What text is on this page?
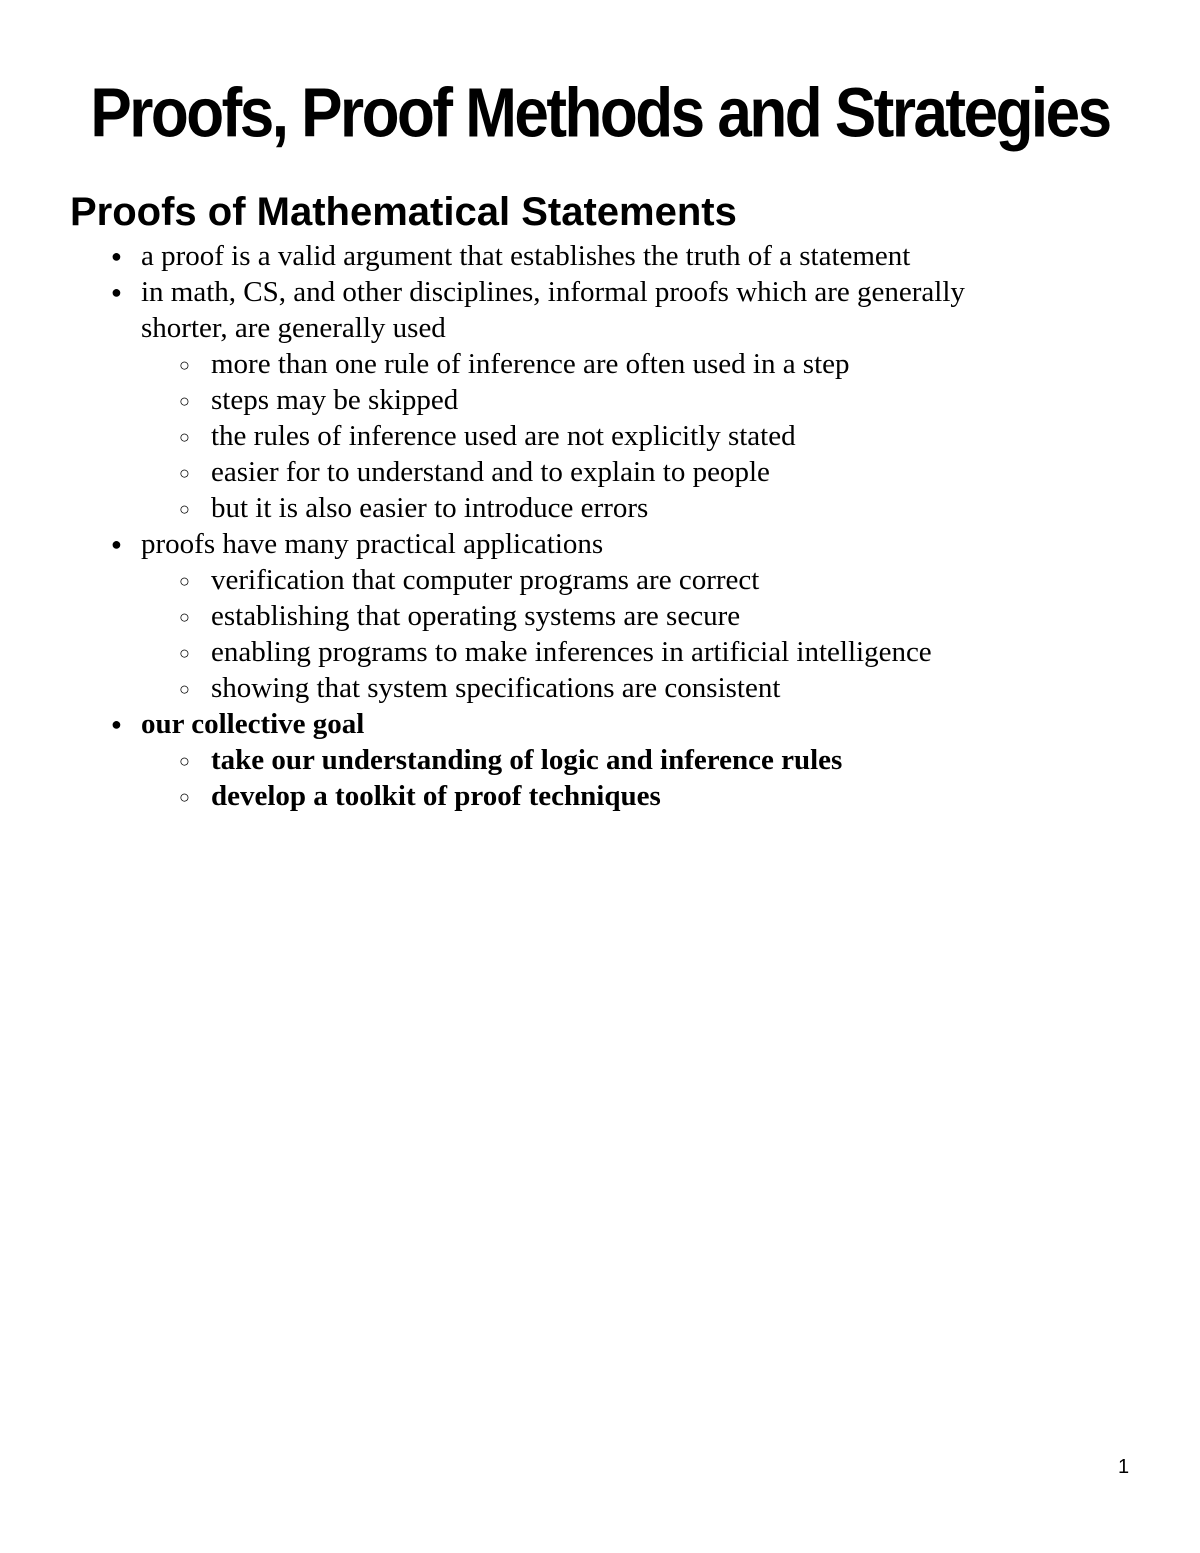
Proofs, Proof Methods and Strategies
Proofs of Mathematical Statements
● a proof is a valid argument that establishes the truth of a statement
● in math, CS, and other disciplines, informal proofs which are generally shorter, are generally used
○ more than one rule of inference are often used in a step
○ steps may be skipped
○ the rules of inference used are not explicitly stated
○ easier for to understand and to explain to people
○ but it is also easier to introduce errors
● proofs have many practical applications
○ verification that computer programs are correct
○ establishing that operating systems are secure
○ enabling programs to make inferences in artificial intelligence
○ showing that system specifications are consistent
● our collective goal
○ take our understanding of logic and inference rules
○ develop a toolkit of proof techniques
1
